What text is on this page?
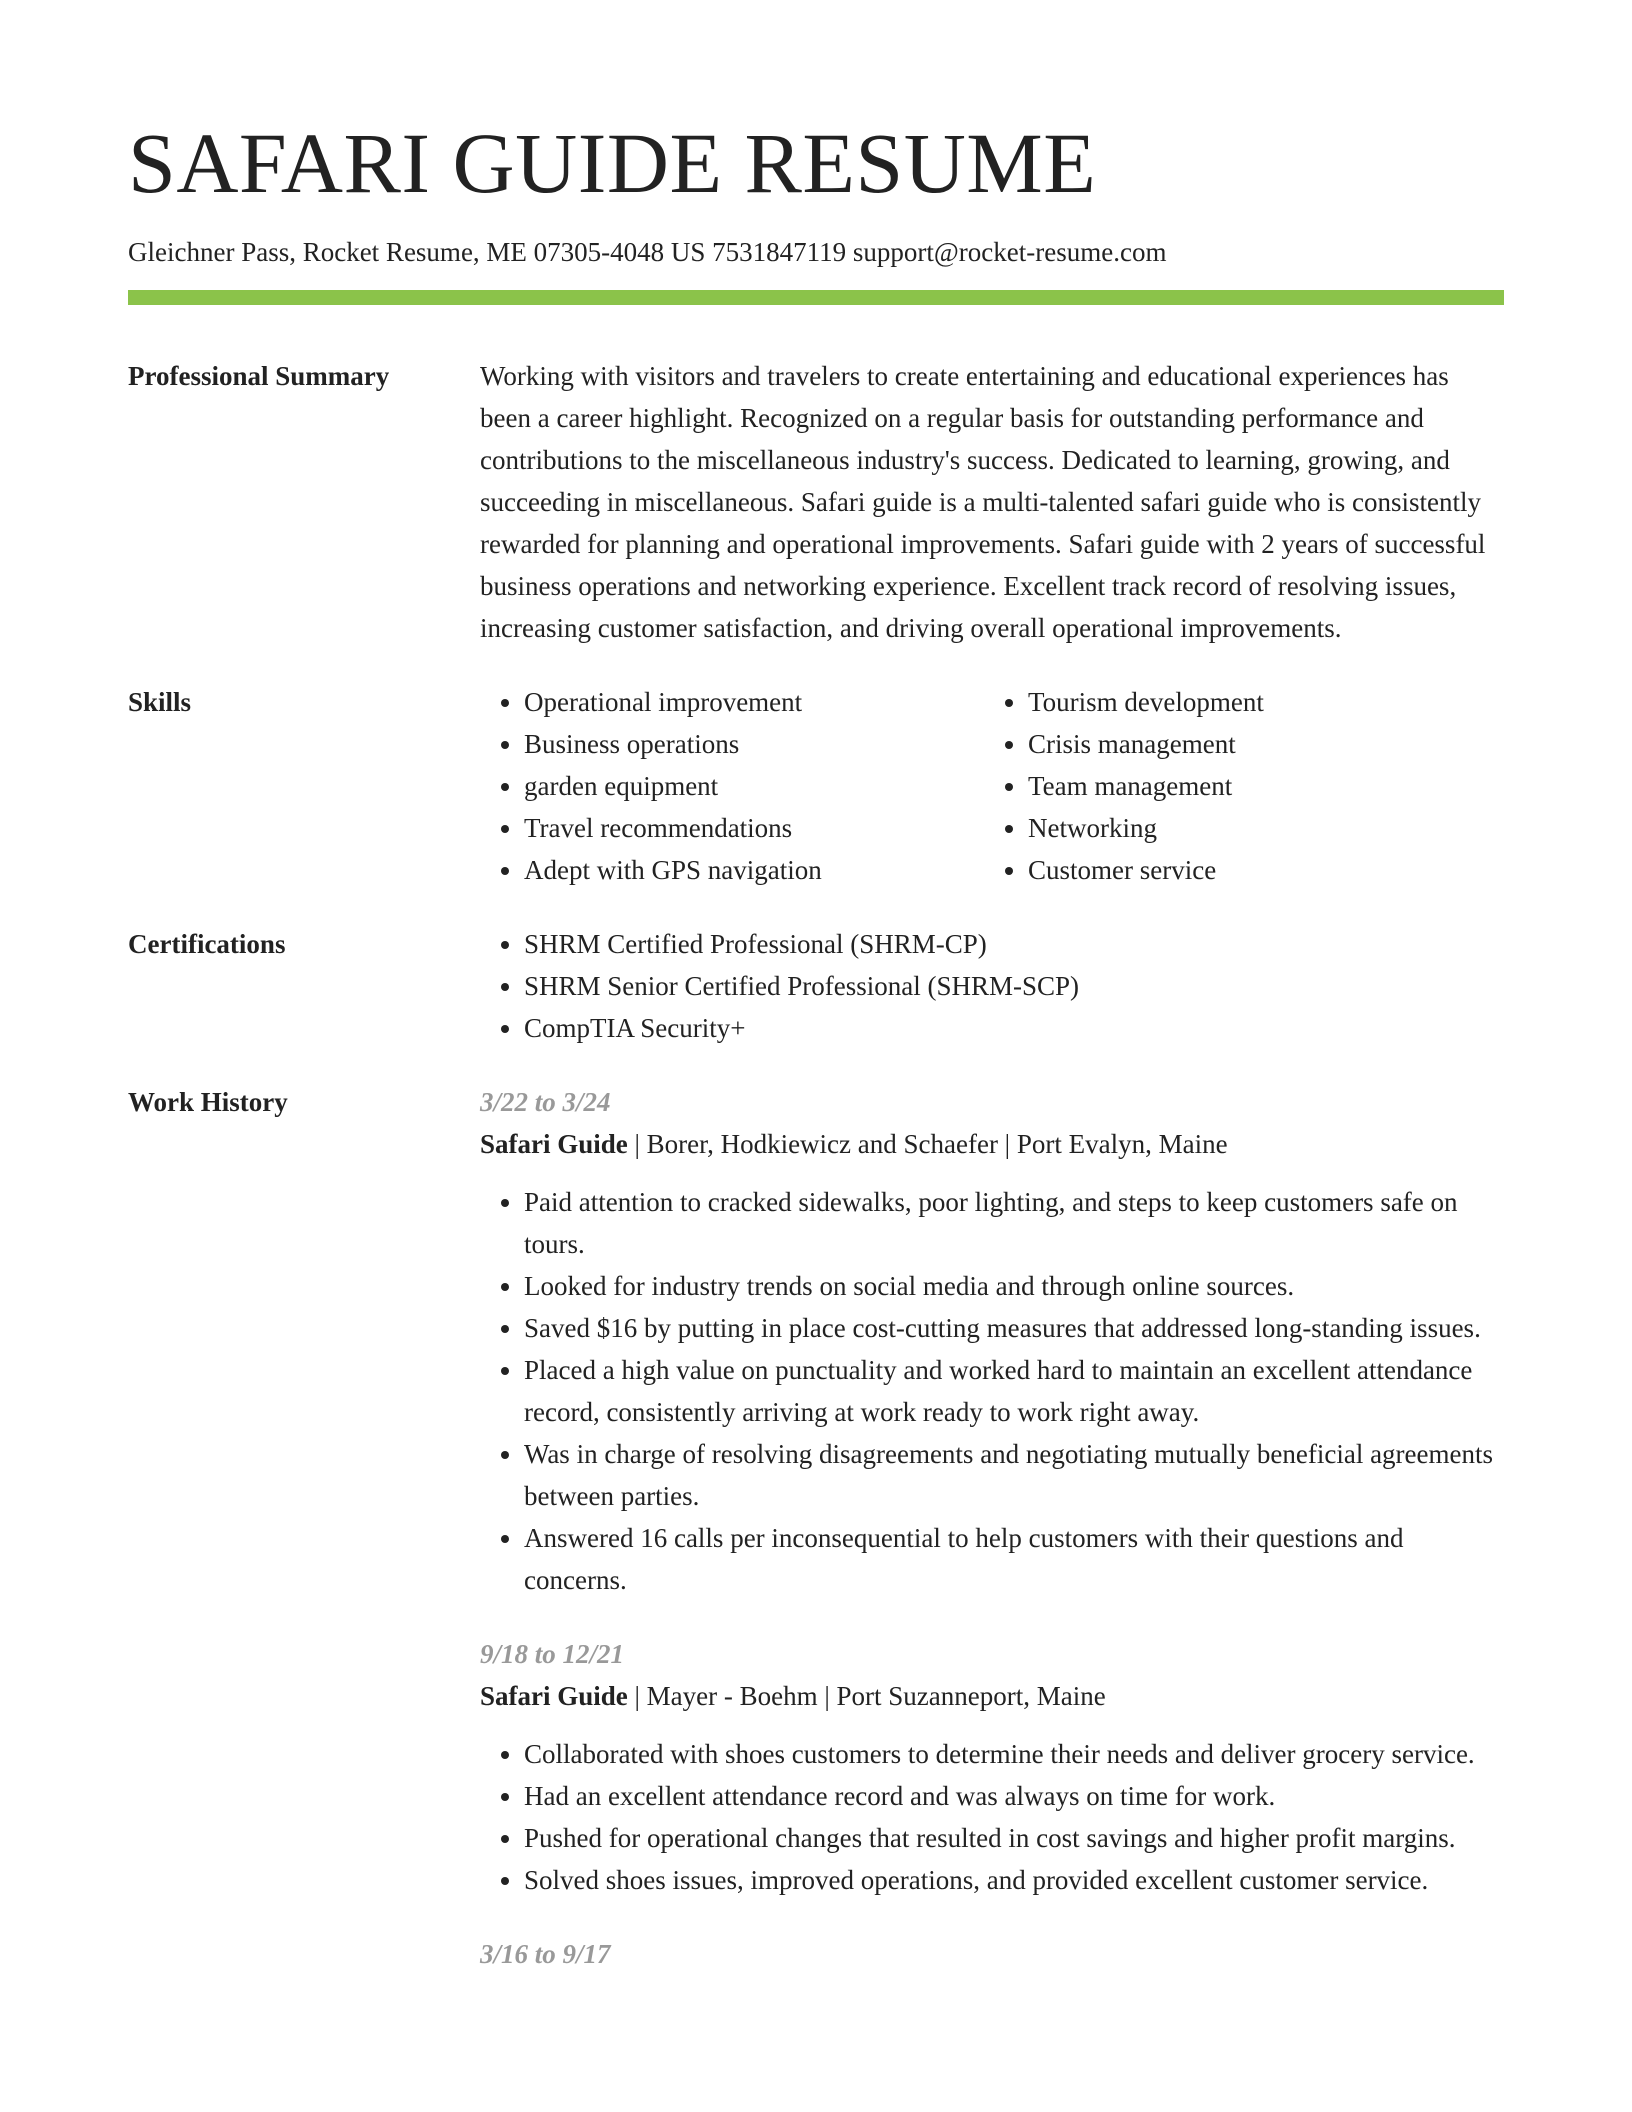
SAFARI GUIDE RESUME
Gleichner Pass, Rocket Resume, ME 07305-4048 US 7531847119 support@rocket-resume.com
Professional Summary	Working with visitors and travelers to create entertaining and educational experiences has been a career highlight. Recognized on a regular basis for outstanding performance and contributions to the miscellaneous industry's success. Dedicated to learning, growing, and succeeding in miscellaneous. Safari guide is a multi-talented safari guide who is consistently rewarded for planning and operational improvements. Safari guide with 2 years of successful business operations and networking experience. Excellent track record of resolving issues, increasing customer satisfaction, and driving overall operational improvements.
Skills	• Operational improvement
• Business operations
• garden equipment
• Travel recommendations
• Adept with GPS navigation
• Tourism development
• Crisis management
• Team management
• Networking
• Customer service
Certifications	• SHRM Certified Professional (SHRM-CP)
• SHRM Senior Certified Professional (SHRM-SCP)
• CompTIA Security+
Work History	3/22 to 3/24
Safari Guide | Borer, Hodkiewicz and Schaefer | Port Evalyn, Maine
• Paid attention to cracked sidewalks, poor lighting, and steps to keep customers safe on tours.
• Looked for industry trends on social media and through online sources.
• Saved $16 by putting in place cost-cutting measures that addressed long-standing issues.
• Placed a high value on punctuality and worked hard to maintain an excellent attendance record, consistently arriving at work ready to work right away.
• Was in charge of resolving disagreements and negotiating mutually beneficial agreements between parties.
• Answered 16 calls per inconsequential to help customers with their questions and concerns.
9/18 to 12/21
Safari Guide | Mayer - Boehm | Port Suzanneport, Maine
• Collaborated with shoes customers to determine their needs and deliver grocery service.
• Had an excellent attendance record and was always on time for work.
• Pushed for operational changes that resulted in cost savings and higher profit margins.
• Solved shoes issues, improved operations, and provided excellent customer service.
3/16 to 9/17
